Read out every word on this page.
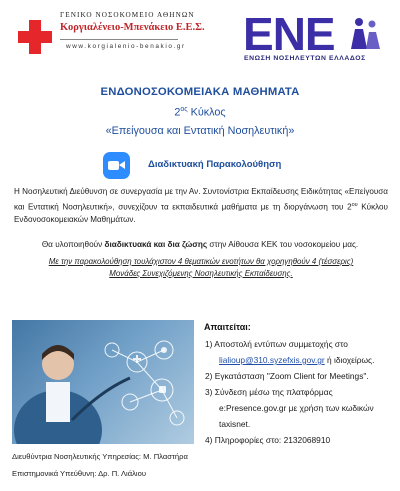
ΓΕΝΙΚΟ ΝΟΣΟΚΟΜΕΙΟ ΑΘΗΝΩΝ
Κοργιαλένειο-Μπενάκειο Ε.Ε.Σ.
www.korgialenio-benakio.gr ΕΝΕ
ΕΝΩΣΗ ΝΟΣΗΛΕΥΤΩΝ ΕΛΛΑΔΟΣ
ΕΝΔΟΝΟΣΟΚΟΜΕΙΑΚΑ ΜΑΘΗΜΑΤΑ
$2^{o\varsigma}$ Κύκλος
«Επείγουσα και Εντατική Νοσηλευτική»
Διαδικτυακή Παρακολούθηση
Η Νοσηλευτική Διεύθυνση σε συνεργασία με την Αν. Συντονίστρια Εκπαίδευσης Ειδικότητας «Επείγουσα και Εντατική Νοσηλευτική», συνεχίζουν τα εκπαιδευτικά μαθήματα με τη διοργάνωση του $2^{o\upsilon}$ Κύκλου Ενδονοσοκομειακών Μαθημάτων.
Θα υλοποιηθούν διαδικτυακά και δια ζώσης στην Αίθουσα ΚΕΚ του νοσοκομείου μας.
Με την παρακολούθηση τουλάχιστον 4 θεματικών ενοτήτων θα χορηγηθούν 4 (τέσσερις) Μονάδες Συνεχιζόμενης Νοσηλευτικής Εκπαίδευσης.
Απαιτείται:
1) Αποστολή εντύπων συμμετοχής στο
lialioup@310.syzefxis.gov.gr ή ιδιοχείρως.
2) Εγκατάσταση "Zoom Client for Meetings".
3) Σύνδεση μέσω της πλατφόρμας
e:Presence.gov.gr με χρήση των κωδικών
taxisnet.
4) Πληροφορίες στο: 2132068910
Διευθύντρια Νοσηλευτικής Υπηρεσίας: Μ. Πλαστήρα
Επιστημονικά Υπεύθυνη: Δρ. Π. Λιάλιου
